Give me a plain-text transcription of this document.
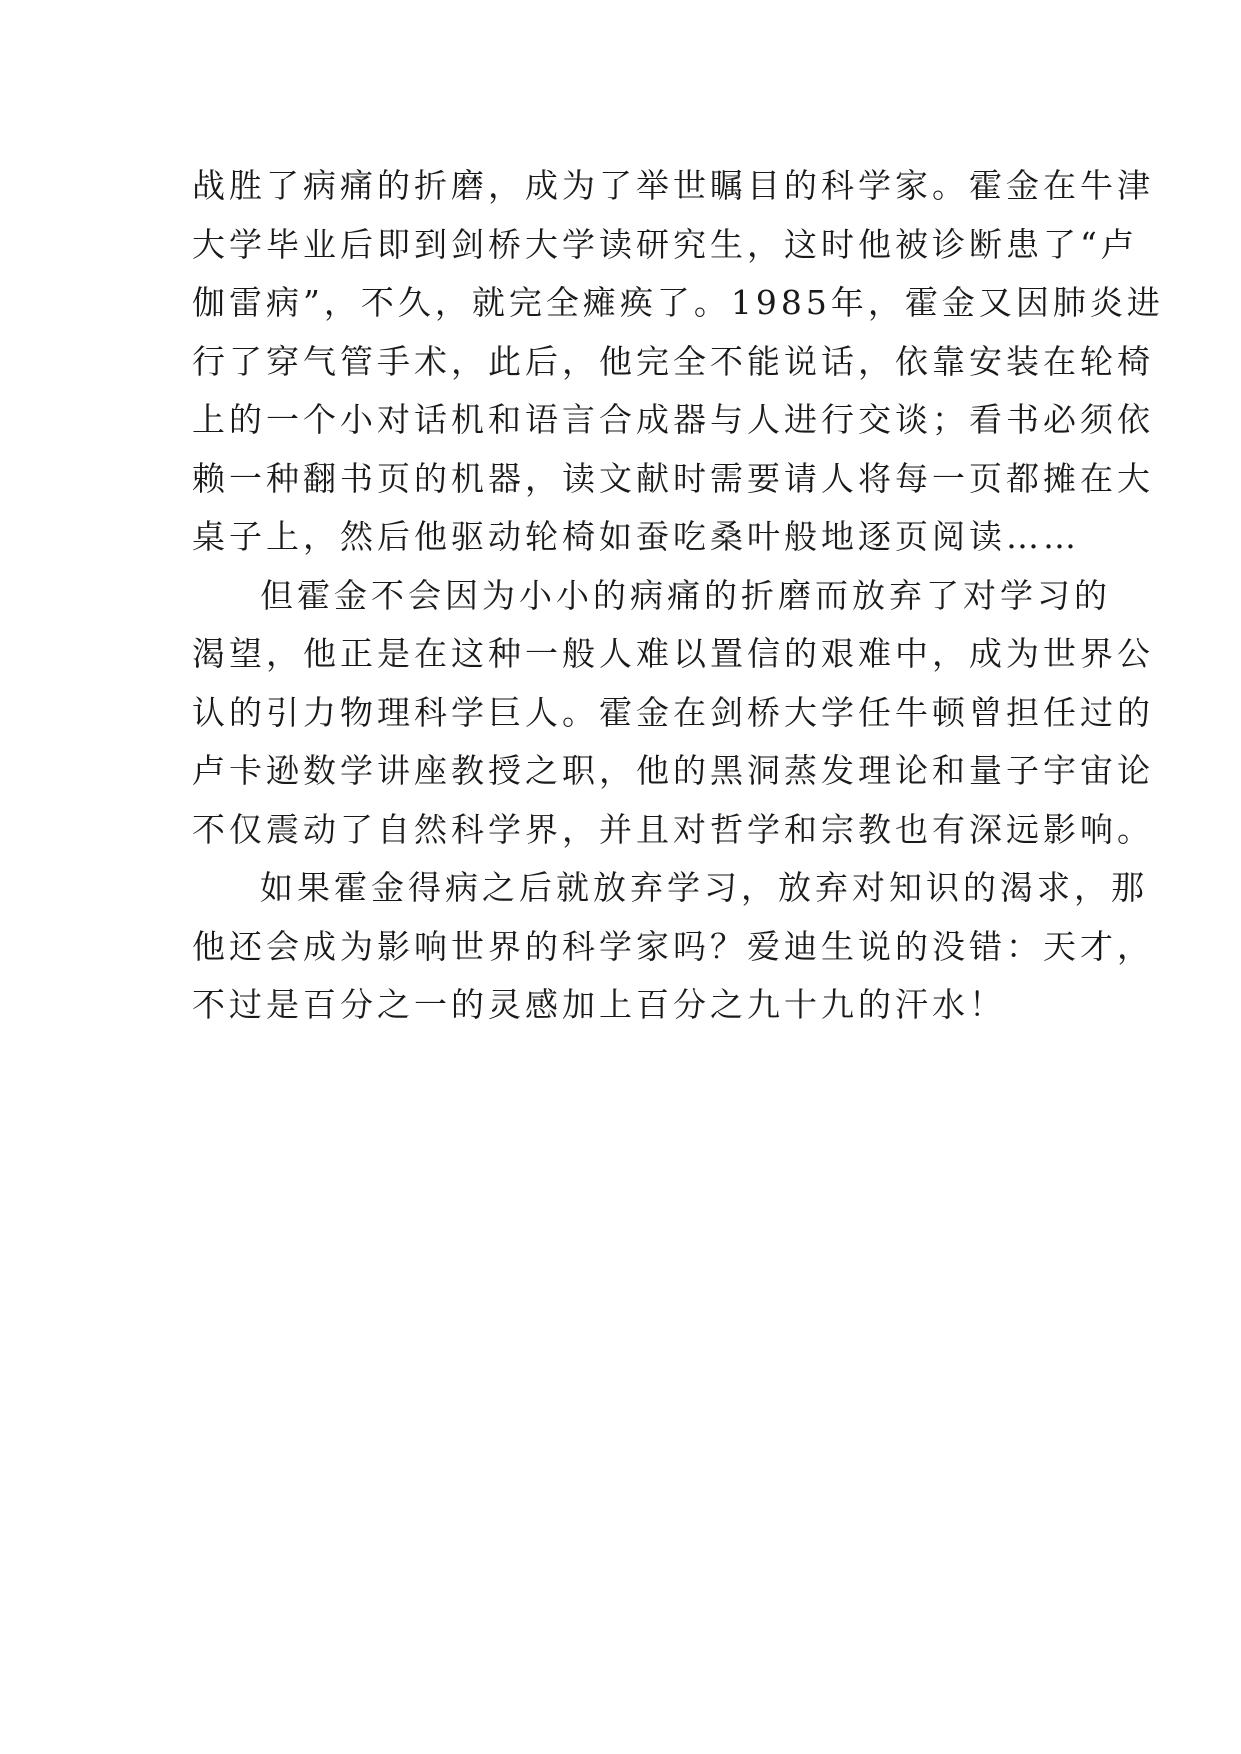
战胜了病痛的折磨，成为了举世瞩目的科学家。霍金在牛津
大学毕业后即到剑桥大学读研究生，这时他被诊断患了“卢
伽雷病”，不久，就完全瘫痪了。1985年，霍金又因肺炎进
行了穿气管手术，此后，他完全不能说话，依靠安装在轮椅
上的一个小对话机和语言合成器与人进行交谈；看书必须依
赖一种翻书页的机器，读文献时需要请人将每一页都摊在大
桌子上，然后他驱动轮椅如蚕吃桑叶般地逐页阅读……
但霍金不会因为小小的病痛的折磨而放弃了对学习的
渴望，他正是在这种一般人难以置信的艰难中，成为世界公
认的引力物理科学巨人。霍金在剑桥大学任牛顿曾担任过的
卢卡逊数学讲座教授之职，他的黑洞蒸发理论和量子宇宙论
不仅震动了自然科学界，并且对哲学和宗教也有深远影响。
如果霍金得病之后就放弃学习，放弃对知识的渴求，那
他还会成为影响世界的科学家吗？爱迪生说的没错：天才，
不过是百分之一的灵感加上百分之九十九的汗水！
